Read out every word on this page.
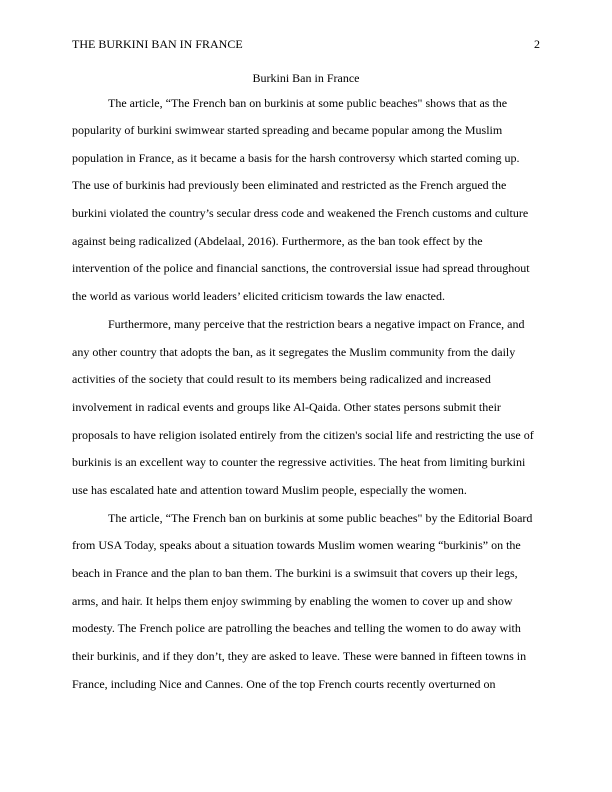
THE BURKINI BAN IN FRANCE	2

Burkini Ban in France

The article, “The French ban on burkinis at some public beaches" shows that as the

popularity of burkini swimwear started spreading and became popular among the Muslim

population in France, as it became a basis for the harsh controversy which started coming up.

The use of burkinis had previously been eliminated and restricted as the French argued the

burkini violated the country’s secular dress code and weakened the French customs and culture

against being radicalized (Abdelaal, 2016). Furthermore, as the ban took effect by the

intervention of the police and financial sanctions, the controversial issue had spread throughout

the world as various world leaders’ elicited criticism towards the law enacted.

Furthermore, many perceive that the restriction bears a negative impact on France, and

any other country that adopts the ban, as it segregates the Muslim community from the daily

activities of the society that could result to its members being radicalized and increased

involvement in radical events and groups like Al-Qaida. Other states persons submit their

proposals to have religion isolated entirely from the citizen's social life and restricting the use of

burkinis is an excellent way to counter the regressive activities. The heat from limiting burkini

use has escalated hate and attention toward Muslim people, especially the women.

The article, “The French ban on burkinis at some public beaches" by the Editorial Board

from USA Today, speaks about a situation towards Muslim women wearing “burkinis” on the

beach in France and the plan to ban them. The burkini is a swimsuit that covers up their legs,

arms, and hair. It helps them enjoy swimming by enabling the women to cover up and show

modesty. The French police are patrolling the beaches and telling the women to do away with

their burkinis, and if they don’t, they are asked to leave. These were banned in fifteen towns in

France, including Nice and Cannes. One of the top French courts recently overturned on
